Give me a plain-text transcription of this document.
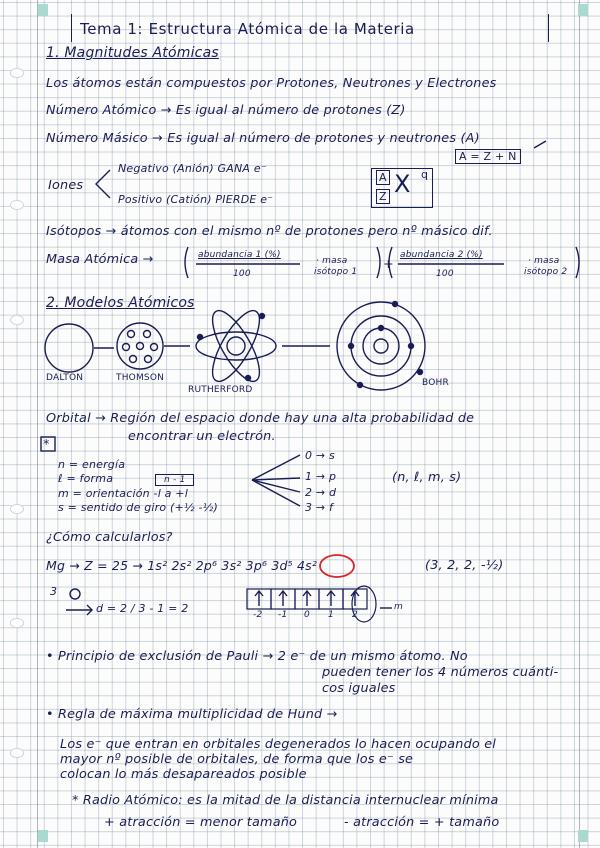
Tema 1: Estructura Atómica de la Materia
1. Magnitudes Atómicas
Los átomos están compuestos por Protones, Neutrones y Electrones
Número Atómico → Es igual al número de protones (Z)
Número Másico → Es igual al número de protones y neutrones (A)
A = Z + N
Iones
Negativo (Anión) GANA e⁻
Positivo (Catión) PIERDE e⁻
A
Z X q
Isótopos → átomos con el mismo nº de protones pero nº másico dif.
Masa Atómica →	abundancia 1 (%)
100
· masa
isótopo 1 +
abundancia 2 (%)
100
· masa
isótopo 2
2. Modelos Atómicos
DALTON	THOMSON
RUTHERFORD
BOHR
Orbital → Región del espacio donde hay una alta probabilidad de
encontrar un electrón.
*
n = energía
ℓ = forma	n - 1
m = orientación -l a +l
s = sentido de giro (+½ -½)
0 → s
1 → p
2 → d
3 → f
(n, ℓ, m, s)
¿Cómo calcularlos?
Mg → Z = 25 → 1s² 2s² 2p⁶ 3s² 3p⁶ 3d⁵ 4s²	(3, 2, 2, -½)
3
d = 2 / 3 - 1 = 2	-2 -1 0 1 2
m
• Principio de exclusión de Pauli → 2 e⁻ de un mismo átomo. No
pueden tener los 4 números cuánti-
cos iguales
• Regla de máxima multiplicidad de Hund →
Los e⁻ que entran en orbitales degenerados lo hacen ocupando el
mayor nº posible de orbitales, de forma que los e⁻ se
colocan lo más desapareados posible
* Radio Atómico: es la mitad de la distancia internuclear mínima
+ atracción = menor tamaño	- atracción = + tamaño
